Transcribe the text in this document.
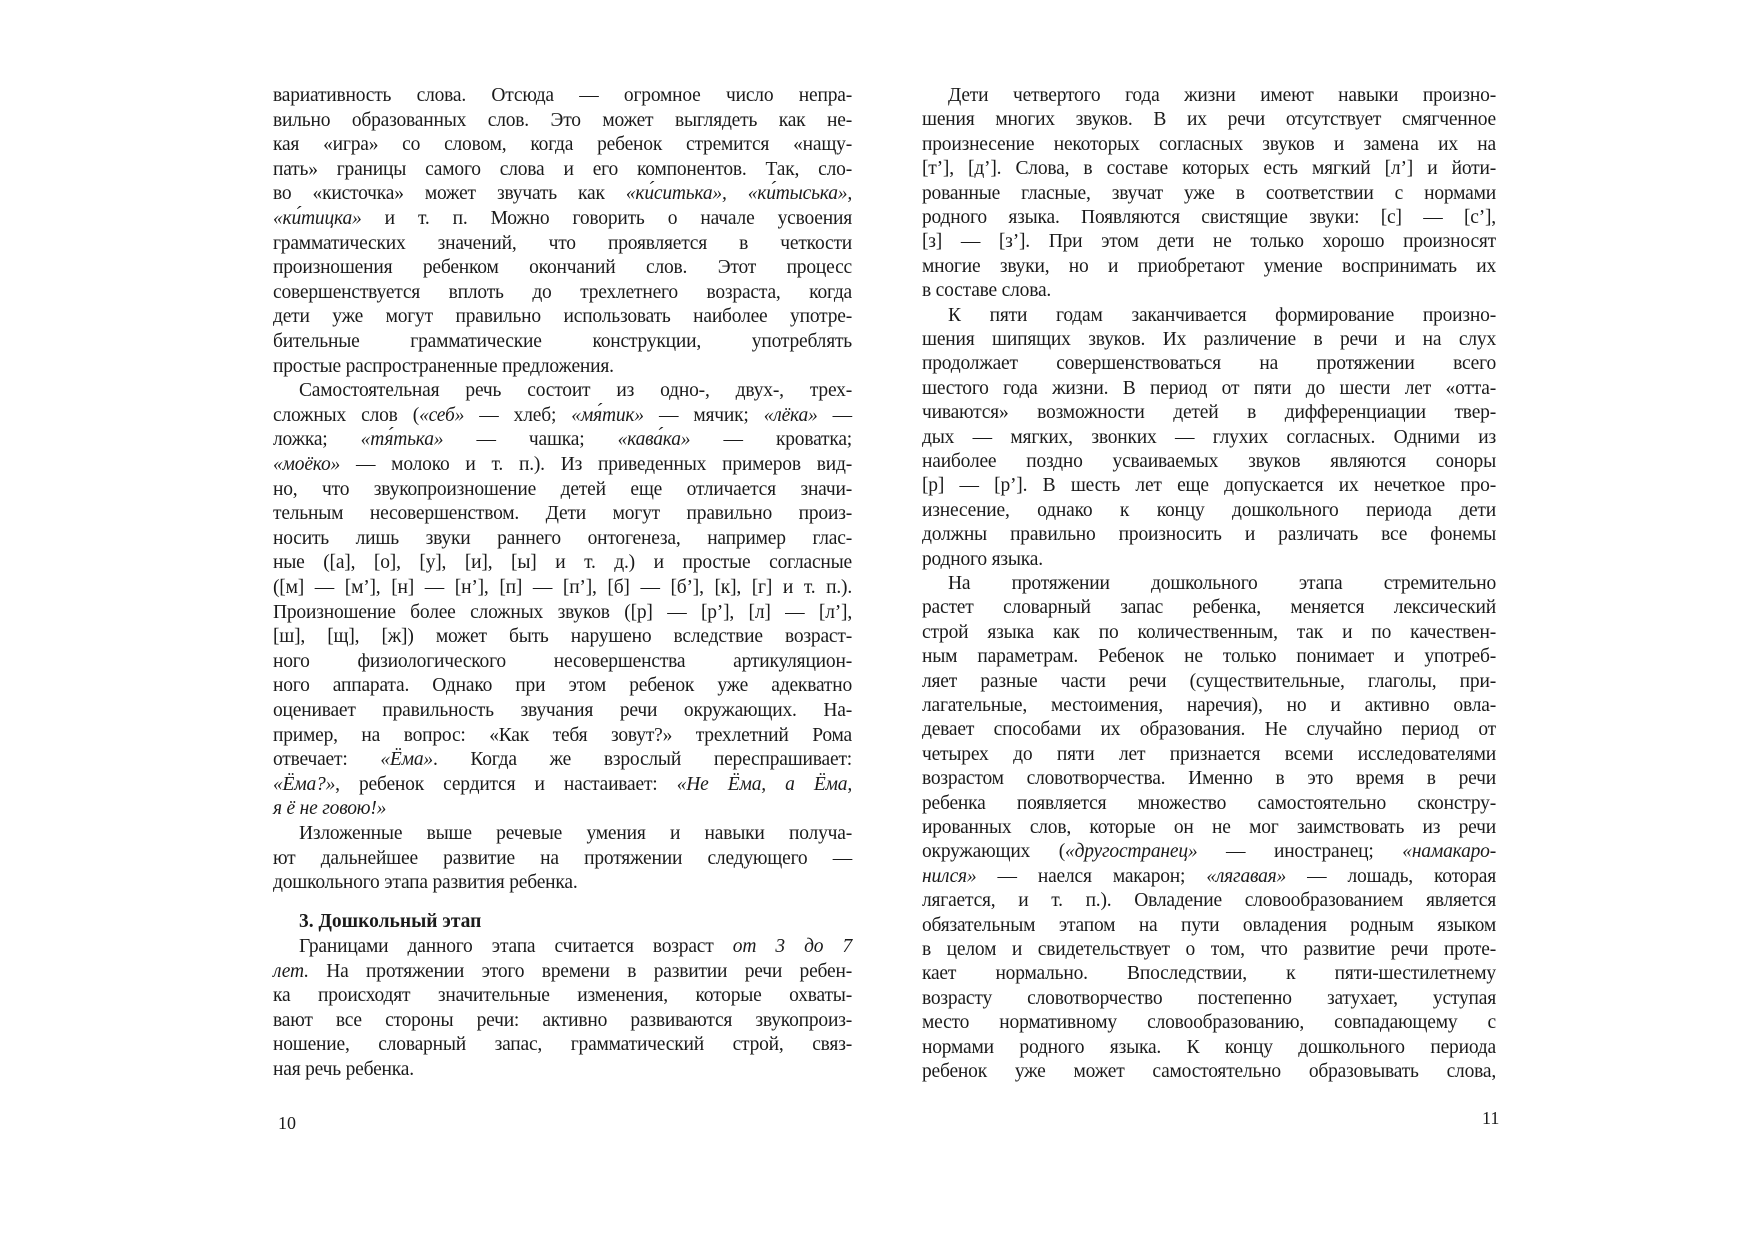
3. Дошкольный этап
вариативность слова. Отсюда — огромное число непра-
вильно образованных слов. Это может выглядеть как не-
кая «игра» со словом, когда ребенок стремится «нащу-
пать» границы самого слова и его компонентов. Так, сло-
во «кисточка» может звучать как «ки́ситька», «ки́тыська»,
«ки́тицка» и т. п. Можно говорить о начале усвоения
грамматических значений, что проявляется в четкости
произношения ребенком окончаний слов. Этот процесс
совершенствуется вплоть до трехлетнего возраста, когда
дети уже могут правильно использовать наиболее употре-
бительные грамматические конструкции, употреблять
простые распространенные предложения.
Самостоятельная речь состоит из одно-, двух-, трех-
сложных слов («себ» — хлеб; «мя́тик» — мячик; «лёка» —
ложка; «тя́тька» — чашка; «кава́ка» — кроватка;
«моёко» — молоко и т. п.). Из приведенных примеров вид-
но, что звукопроизношение детей еще отличается значи-
тельным несовершенством. Дети могут правильно произ-
носить лишь звуки раннего онтогенеза, например глас-
ные ([а], [о], [у], [и], [ы] и т. д.) и простые согласные
([м] — [м’], [н] — [н’], [п] — [п’], [б] — [б’], [к], [г] и т. п.).
Произношение более сложных звуков ([р] — [р’], [л] — [л’],
[ш], [щ], [ж]) может быть нарушено вследствие возраст-
ного физиологического несовершенства артикуляцион-
ного аппарата. Однако при этом ребенок уже адекватно
оценивает правильность звучания речи окружающих. На-
пример, на вопрос: «Как тебя зовут?» трехлетний Рома
отвечает: «Ёма». Когда же взрослый переспрашивает:
«Ёма?», ребенок сердится и настаивает: «Не Ёма, а Ёма,
я ё не говою!»
Изложенные выше речевые умения и навыки получа-
ют дальнейшее развитие на протяжении следующего —
дошкольного этапа развития ребенка.
Границами данного этапа считается возраст от 3 до 7
лет. На протяжении этого времени в развитии речи ребен-
ка происходят значительные изменения, которые охваты-
вают все стороны речи: активно развиваются звукопроиз-
ношение, словарный запас, грамматический строй, связ-
ная речь ребенка.
Дети четвертого года жизни имеют навыки произно-
шения многих звуков. В их речи отсутствует смягченное
произнесение некоторых согласных звуков и замена их на
[т’], [д’]. Слова, в составе которых есть мягкий [л’] и йоти-
рованные гласные, звучат уже в соответствии с нормами
родного языка. Появляются свистящие звуки: [с] — [с’],
[з] — [з’]. При этом дети не только хорошо произносят
многие звуки, но и приобретают умение воспринимать их
в составе слова.
К пяти годам заканчивается формирование произно-
шения шипящих звуков. Их различение в речи и на слух
продолжает совершенствоваться на протяжении всего
шестого года жизни. В период от пяти до шести лет «отта-
чиваются» возможности детей в дифференциации твер-
дых — мягких, звонких — глухих согласных. Одними из
наиболее поздно усваиваемых звуков являются соноры
[р] — [р’]. В шесть лет еще допускается их нечеткое про-
изнесение, однако к концу дошкольного периода дети
должны правильно произносить и различать все фонемы
родного языка.
На протяжении дошкольного этапа стремительно
растет словарный запас ребенка, меняется лексический
строй языка как по количественным, так и по качествен-
ным параметрам. Ребенок не только понимает и употреб-
ляет разные части речи (существительные, глаголы, при-
лагательные, местоимения, наречия), но и активно овла-
девает способами их образования. Не случайно период от
четырех до пяти лет признается всеми исследователями
возрастом словотворчества. Именно в это время в речи
ребенка появляется множество самостоятельно сконстру-
ированных слов, которые он не мог заимствовать из речи
окружающих («другостранец» — иностранец; «намакаро-
нился» — наелся макарон; «лягавая» — лошадь, которая
лягается, и т. п.). Овладение словообразованием является
обязательным этапом на пути овладения родным языком
в целом и свидетельствует о том, что развитие речи проте-
кает нормально. Впоследствии, к пяти-шестилетнему
возрасту словотворчество постепенно затухает, уступая
место нормативному словообразованию, совпадающему с
нормами родного языка. К концу дошкольного периода
ребенок уже может самостоятельно образовывать слова,
10	11
